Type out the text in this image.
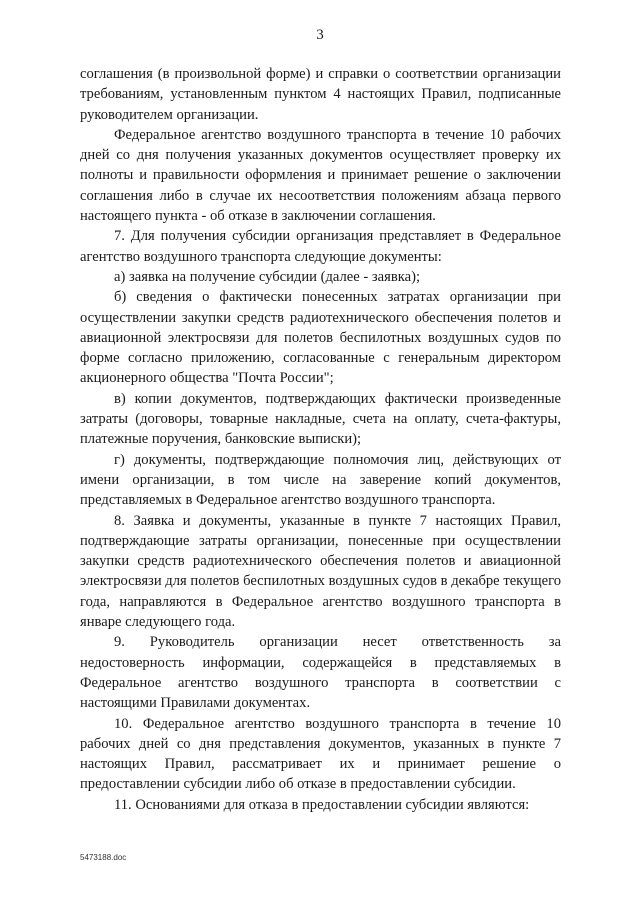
3

соглашения (в произвольной форме) и справки о соответствии организации требованиям, установленным пунктом 4 настоящих Правил, подписанные руководителем организации.

Федеральное агентство воздушного транспорта в течение 10 рабочих дней со дня получения указанных документов осуществляет проверку их полноты и правильности оформления и принимает решение о заключении соглашения либо в случае их несоответствия положениям абзаца первого настоящего пункта - об отказе в заключении соглашения.

7. Для получения субсидии организация представляет в Федеральное агентство воздушного транспорта следующие документы:

а) заявка на получение субсидии (далее - заявка);

б) сведения о фактически понесенных затратах организации при осуществлении закупки средств радиотехнического обеспечения полетов и авиационной электросвязи для полетов беспилотных воздушных судов по форме согласно приложению, согласованные с генеральным директором акционерного общества "Почта России";

в) копии документов, подтверждающих фактически произведенные затраты (договоры, товарные накладные, счета на оплату, счета-фактуры, платежные поручения, банковские выписки);

г) документы, подтверждающие полномочия лиц, действующих от имени организации, в том числе на заверение копий документов, представляемых в Федеральное агентство воздушного транспорта.

8. Заявка и документы, указанные в пункте 7 настоящих Правил, подтверждающие затраты организации, понесенные при осуществлении закупки средств радиотехнического обеспечения полетов и авиационной электросвязи для полетов беспилотных воздушных судов в декабре текущего года, направляются в Федеральное агентство воздушного транспорта в январе следующего года.

9. Руководитель организации несет ответственность за недостоверность информации, содержащейся в представляемых в Федеральное агентство воздушного транспорта в соответствии с настоящими Правилами документах.

10. Федеральное агентство воздушного транспорта в течение 10 рабочих дней со дня представления документов, указанных в пункте 7 настоящих Правил, рассматривает их и принимает решение о предоставлении субсидии либо об отказе в предоставлении субсидии.

11. Основаниями для отказа в предоставлении субсидии являются:

5473188.doc
